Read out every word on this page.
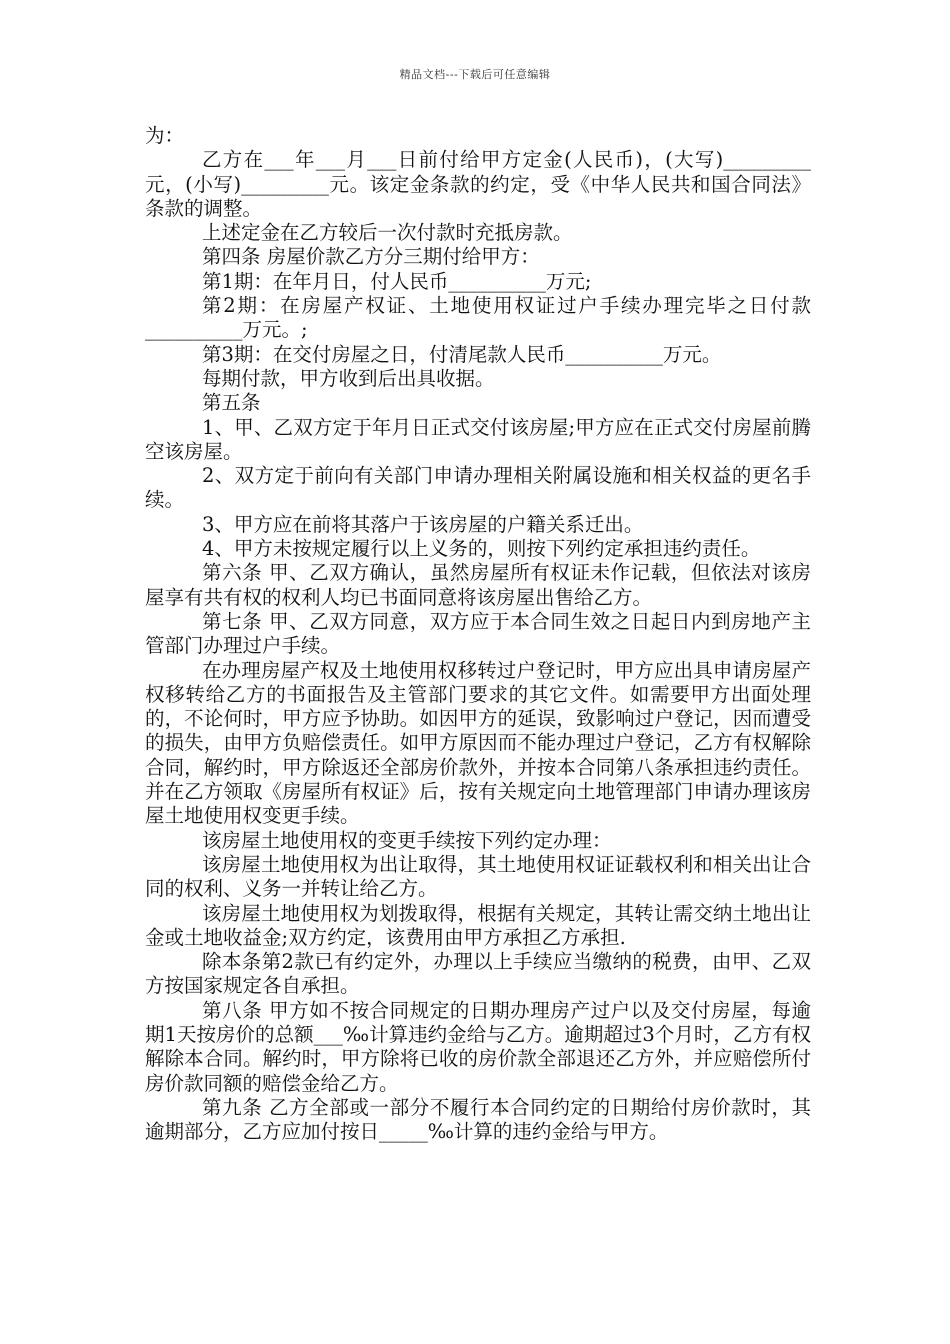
精品文档---下载后可任意编辑

为：

乙方在___年___月___日前付给甲方定金(人民币)，(大写)_________元，(小写)_________元。该定金条款的约定，受《中华人民共和国合同法》条款的调整。

上述定金在乙方较后一次付款时充抵房款。

第四条 房屋价款乙方分三期付给甲方：

第1期：在年月日，付人民币__________万元;

第2期：在房屋产权证、土地使用权证过户手续办理完毕之日付款__________万元。;

第3期：在交付房屋之日，付清尾款人民币__________万元。

每期付款，甲方收到后出具收据。

第五条

1、甲、乙双方定于年月日正式交付该房屋;甲方应在正式交付房屋前腾空该房屋。

2、双方定于前向有关部门申请办理相关附属设施和相关权益的更名手续。

3、甲方应在前将其落户于该房屋的户籍关系迁出。

4、甲方未按规定履行以上义务的，则按下列约定承担违约责任。

第六条 甲、乙双方确认，虽然房屋所有权证未作记载，但依法对该房屋享有共有权的权利人均已书面同意将该房屋出售给乙方。

第七条 甲、乙双方同意，双方应于本合同生效之日起日内到房地产主管部门办理过户手续。

在办理房屋产权及土地使用权移转过户登记时，甲方应出具申请房屋产权移转给乙方的书面报告及主管部门要求的其它文件。如需要甲方出面处理的，不论何时，甲方应予协助。如因甲方的延误，致影响过户登记，因而遭受的损失，由甲方负赔偿责任。如甲方原因而不能办理过户登记，乙方有权解除合同，解约时，甲方除返还全部房价款外，并按本合同第八条承担违约责任。并在乙方领取《房屋所有权证》后，按有关规定向土地管理部门申请办理该房屋土地使用权变更手续。

该房屋土地使用权的变更手续按下列约定办理：

该房屋土地使用权为出让取得，其土地使用权证证载权利和相关出让合同的权利、义务一并转让给乙方。

该房屋土地使用权为划拨取得，根据有关规定，其转让需交纳土地出让金或土地收益金;双方约定，该费用由甲方承担乙方承担.

除本条第2款已有约定外，办理以上手续应当缴纳的税费，由甲、乙双方按国家规定各自承担。

第八条 甲方如不按合同规定的日期办理房产过户以及交付房屋，每逾期1天按房价的总额___‰计算违约金给与乙方。逾期超过3个月时，乙方有权解除本合同。解约时，甲方除将已收的房价款全部退还乙方外，并应赔偿所付房价款同额的赔偿金给乙方。

第九条 乙方全部或一部分不履行本合同约定的日期给付房价款时，其逾期部分，乙方应加付按日_____‰计算的违约金给与甲方。
